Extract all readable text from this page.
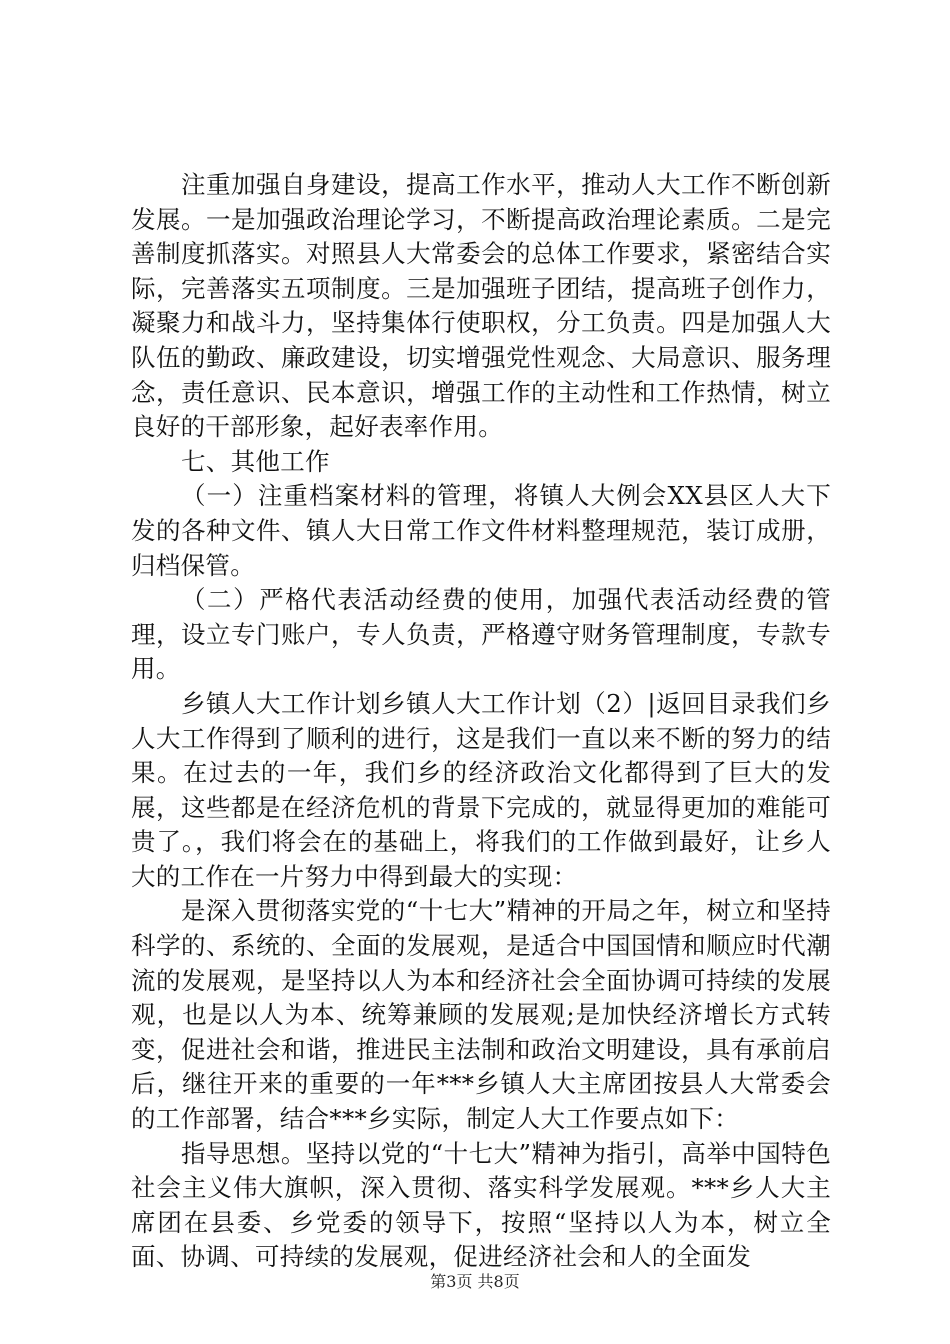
注重加强自身建设，提高工作水平，推动人大工作不断创新发展。一是加强政治理论学习，不断提高政治理论素质。二是完善制度抓落实。对照县人大常委会的总体工作要求，紧密结合实际，完善落实五项制度。三是加强班子团结，提高班子创作力，凝聚力和战斗力，坚持集体行使职权，分工负责。四是加强人大队伍的勤政、廉政建设，切实增强党性观念、大局意识、服务理念，责任意识、民本意识，增强工作的主动性和工作热情，树立良好的干部形象，起好表率作用。

七、其他工作

（一）注重档案材料的管理，将镇人大例会XX县区人大下发的各种文件、镇人大日常工作文件材料整理规范，装订成册，归档保管。

（二）严格代表活动经费的使用，加强代表活动经费的管理，设立专门账户，专人负责，严格遵守财务管理制度，专款专用。

乡镇人大工作计划乡镇人大工作计划（2）|返回目录我们乡人大工作得到了顺利的进行，这是我们一直以来不断的努力的结果。在过去的一年，我们乡的经济政治文化都得到了巨大的发展，这些都是在经济危机的背景下完成的，就显得更加的难能可贵了。，我们将会在的基础上，将我们的工作做到最好，让乡人大的工作在一片努力中得到最大的实现：

是深入贯彻落实党的“十七大”精神的开局之年，树立和坚持科学的、系统的、全面的发展观，是适合中国国情和顺应时代潮流的发展观，是坚持以人为本和经济社会全面协调可持续的发展观，也是以人为本、统筹兼顾的发展观;是加快经济增长方式转变，促进社会和谐，推进民主法制和政治文明建设，具有承前启后，继往开来的重要的一年***乡镇人大主席团按县人大常委会的工作部署，结合***乡实际，制定人大工作要点如下：

指导思想。坚持以党的“十七大”精神为指引，高举中国特色社会主义伟大旗帜，深入贯彻、落实科学发展观。***乡人大主席团在县委、乡党委的领导下，按照“坚持以人为本，树立全面、协调、可持续的发展观，促进经济社会和人的全面发

第3页 共8页
